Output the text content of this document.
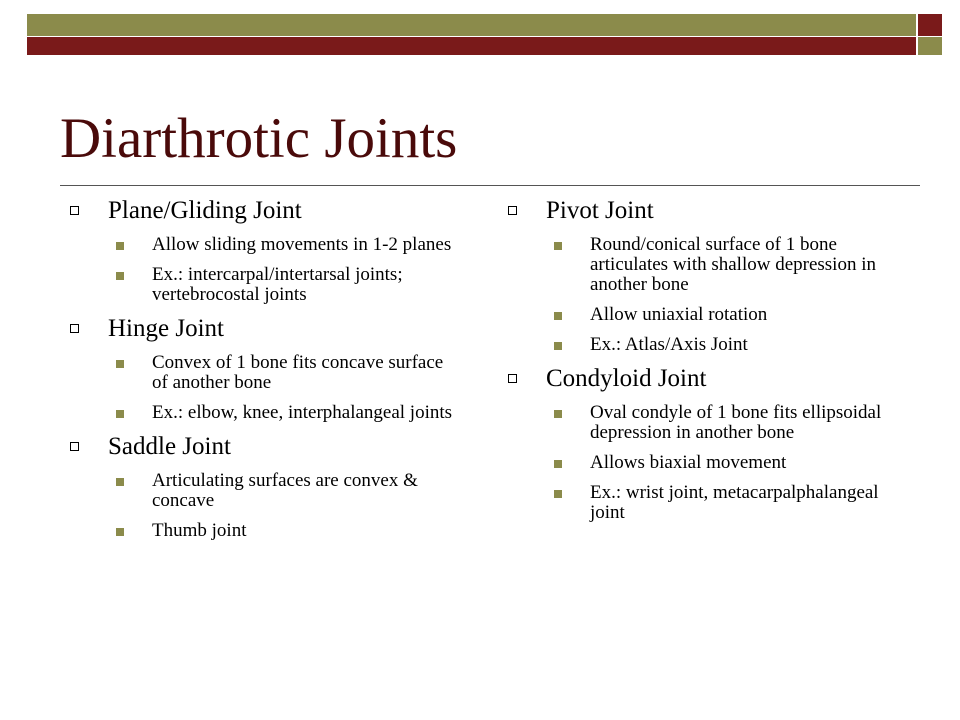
Diarthrotic Joints
Plane/Gliding Joint
Allow sliding movements in 1-2 planes
Ex.: intercarpal/intertarsal joints; vertebrocostal joints
Hinge Joint
Convex of 1 bone fits concave surface of another bone
Ex.: elbow, knee, interphalangeal joints
Saddle Joint
Articulating surfaces are convex & concave
Thumb joint
Pivot Joint
Round/conical surface of 1 bone articulates with shallow depression in another bone
Allow uniaxial rotation
Ex.: Atlas/Axis Joint
Condyloid Joint
Oval condyle of 1 bone fits ellipsoidal depression in another bone
Allows biaxial movement
Ex.: wrist joint, metacarpalphalangeal joint
